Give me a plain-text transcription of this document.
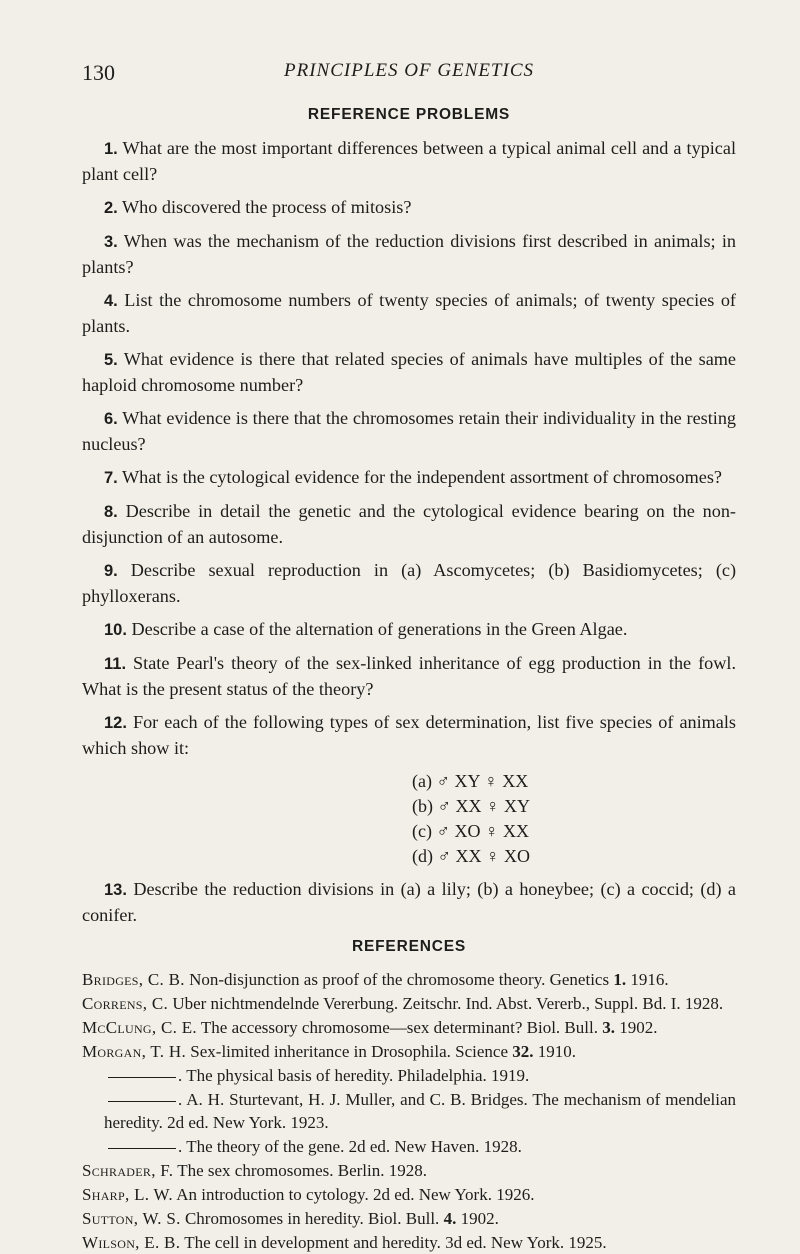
130	PRINCIPLES OF GENETICS
REFERENCE PROBLEMS

1. What are the most important differences between a typical animal cell and a typical plant cell?

2. Who discovered the process of mitosis?

3. When was the mechanism of the reduction divisions first described in animals; in plants?

4. List the chromosome numbers of twenty species of animals; of twenty species of plants.

5. What evidence is there that related species of animals have multiples of the same haploid chromosome number?

6. What evidence is there that the chromosomes retain their individuality in the resting nucleus?

7. What is the cytological evidence for the independent assortment of chromosomes?

8. Describe in detail the genetic and the cytological evidence bearing on the non-disjunction of an autosome.

9. Describe sexual reproduction in (a) Ascomycetes; (b) Basidiomycetes; (c) phylloxerans.

10. Describe a case of the alternation of generations in the Green Algae.

11. State Pearl's theory of the sex-linked inheritance of egg production in the fowl. What is the present status of the theory?

12. For each of the following types of sex determination, list five species of animals which show it:

(a) ♂ XY ♀ XX
(b) ♂ XX ♀ XY
(c) ♂ XO ♀ XX
(d) ♂ XX ♀ XO

13. Describe the reduction divisions in (a) a lily; (b) a honeybee; (c) a coccid; (d) a conifer.

REFERENCES

Bridges, C. B. Non-disjunction as proof of the chromosome theory. Genetics 1. 1916.

Correns, C. Uber nichtmendelnde Vererbung. Zeitschr. Ind. Abst. Vererb., Suppl. Bd. I. 1928.

McClung, C. E. The accessory chromosome—sex determinant? Biol. Bull. 3. 1902.

Morgan, T. H. Sex-limited inheritance in Drosophila. Science 32. 1910.

. The physical basis of heredity. Philadelphia. 1919.

. A. H. Sturtevant, H. J. Muller, and C. B. Bridges. The mechanism of mendelian heredity. 2d ed. New York. 1923.

. The theory of the gene. 2d ed. New Haven. 1928.

Schrader, F. The sex chromosomes. Berlin. 1928.

Sharp, L. W. An introduction to cytology. 2d ed. New York. 1926.

Sutton, W. S. Chromosomes in heredity. Biol. Bull. 4. 1902.

Wilson, E. B. The cell in development and heredity. 3d ed. New York. 1925.
